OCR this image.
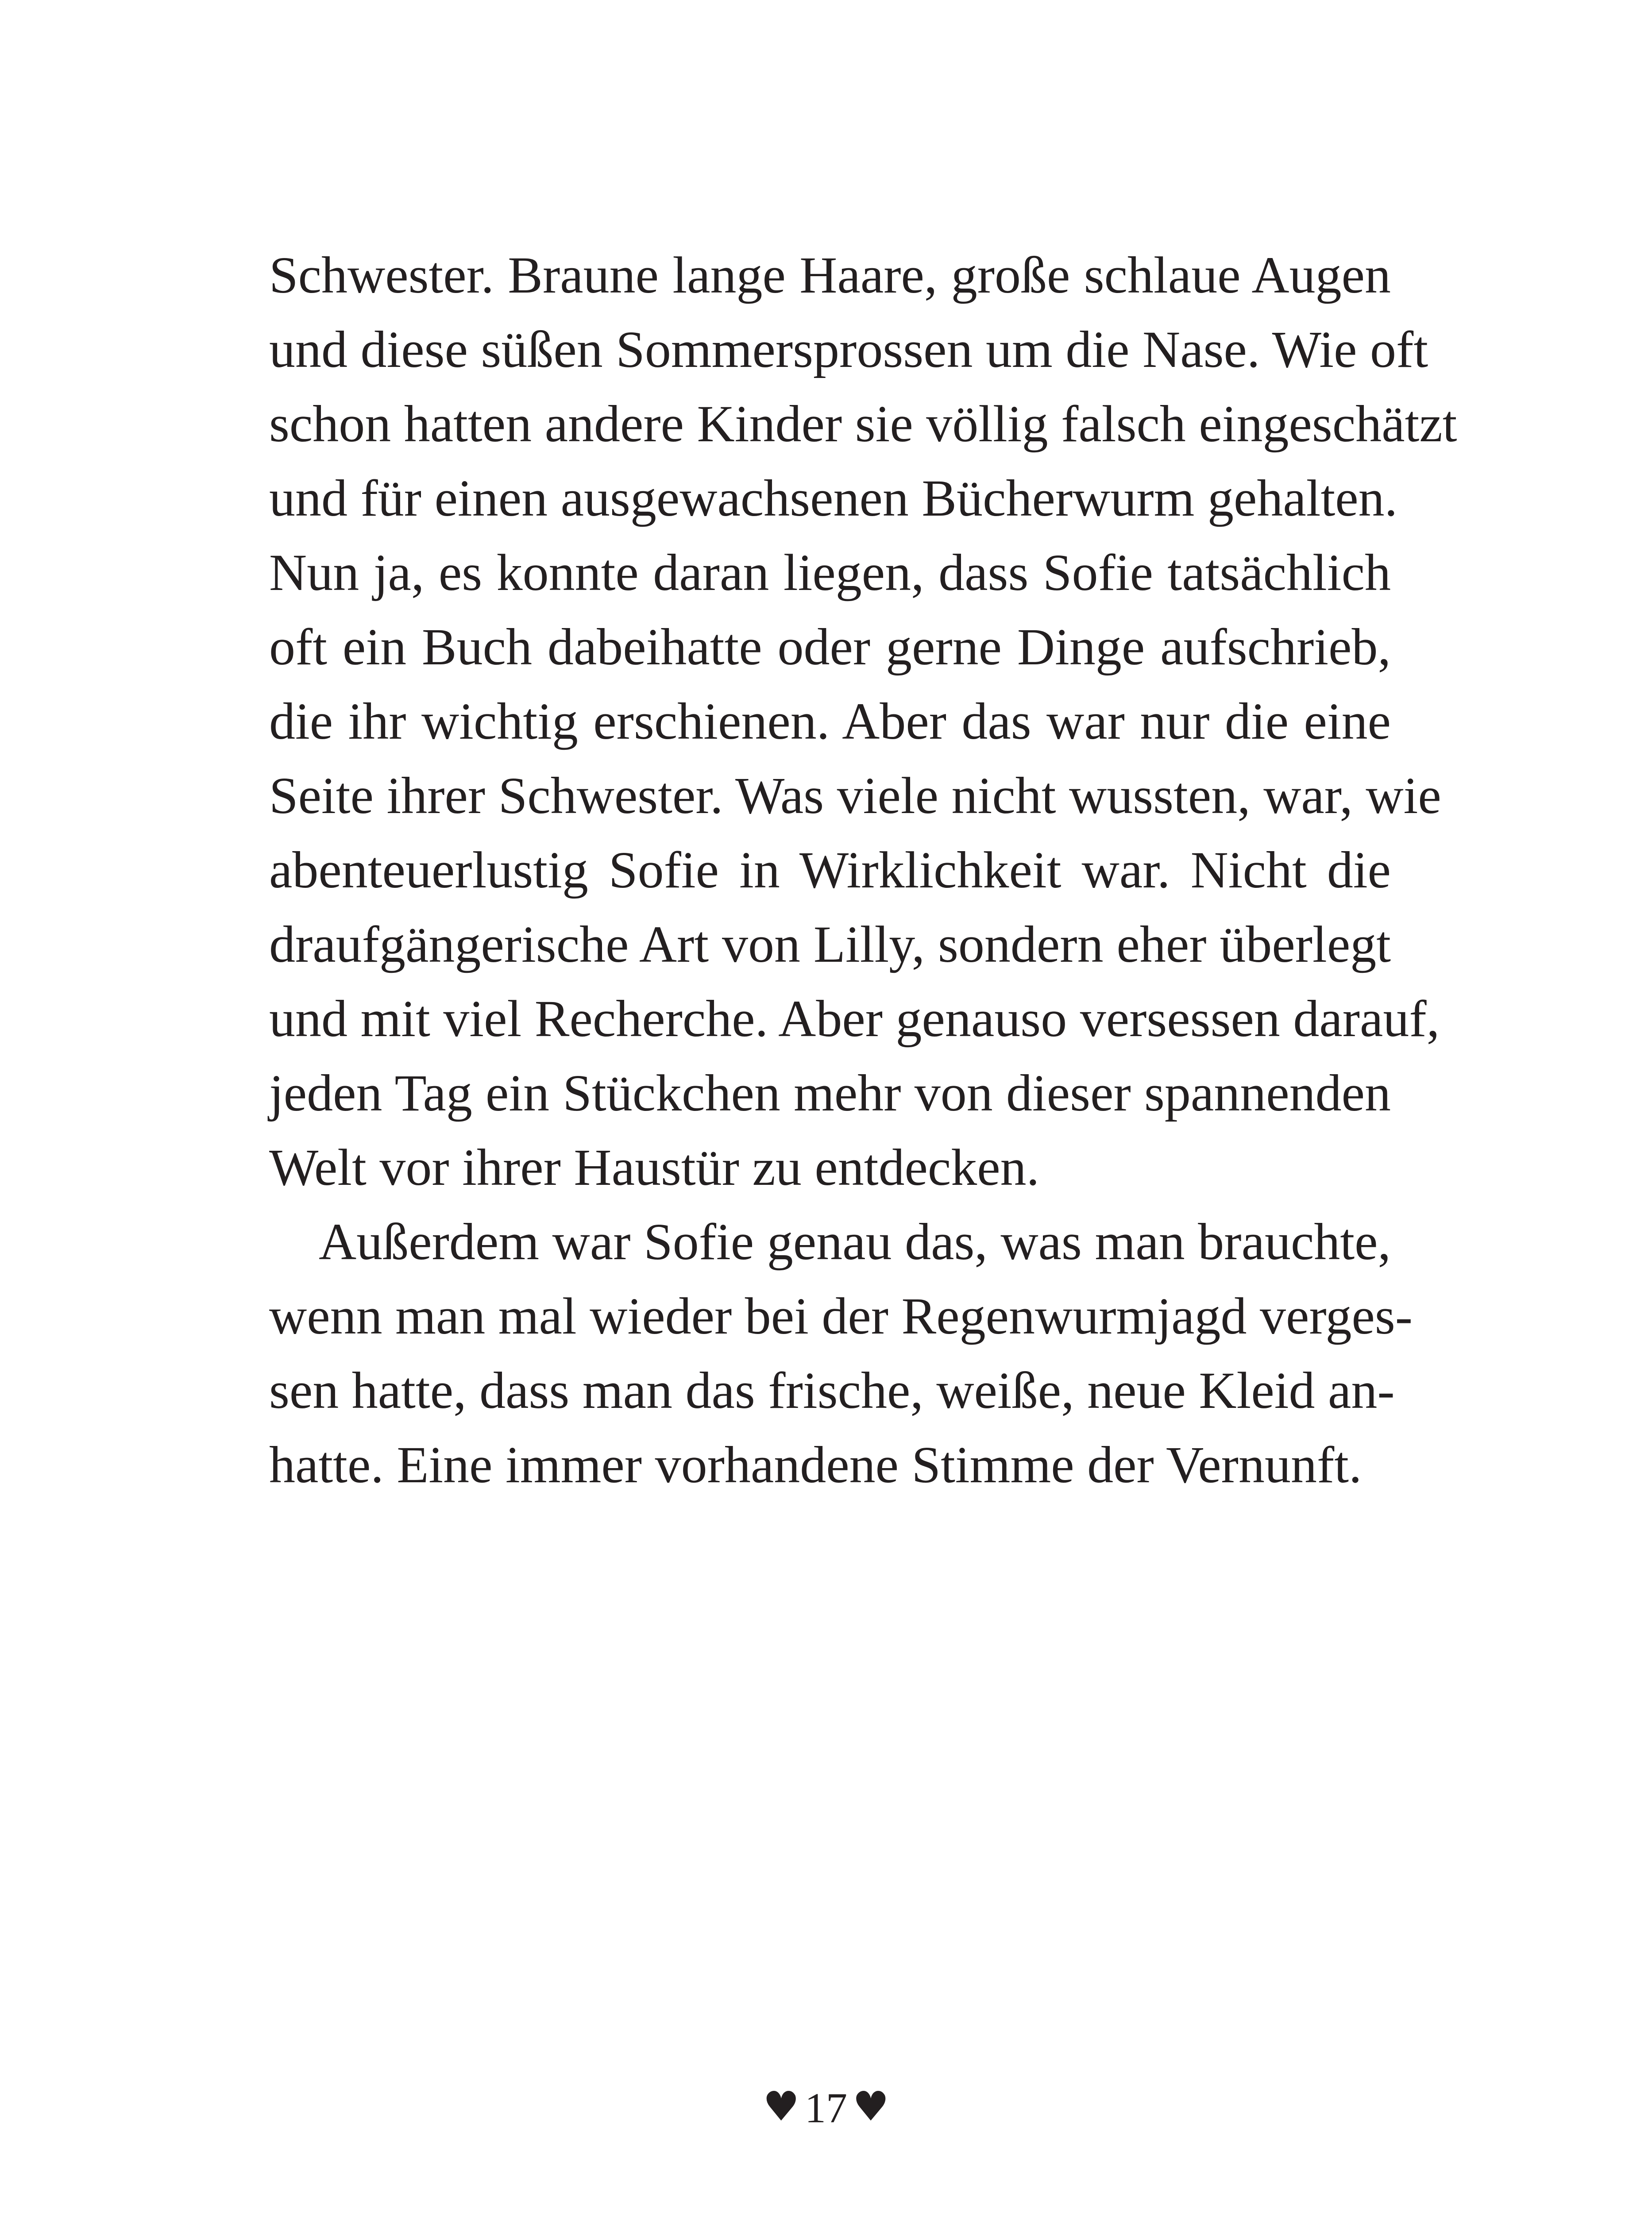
Schwester. Braune lange Haare, große schlaue Augen
und diese süßen Sommersprossen um die Nase. Wie oft
schon hatten andere Kinder sie völlig falsch eingeschätzt
und für einen ausgewachsenen Bücherwurm gehalten.
Nun ja, es konnte daran liegen, dass Sofie tatsächlich
oft ein Buch dabeihatte oder gerne Dinge aufschrieb,
die ihr wichtig erschienen. Aber das war nur die eine
Seite ihrer Schwester. Was viele nicht wussten, war, wie
abenteuerlustig Sofie in Wirklichkeit war. Nicht die
draufgängerische Art von Lilly, sondern eher überlegt
und mit viel Recherche. Aber genauso versessen darauf,
jeden Tag ein Stückchen mehr von dieser spannenden
Welt vor ihrer Haustür zu entdecken.
Außerdem war Sofie genau das, was man brauchte,
wenn man mal wieder bei der Regenwurmjagd verges-
sen hatte, dass man das frische, weiße, neue Kleid an-
hatte. Eine immer vorhandene Stimme der Vernunft.
♥ 17 ♥
